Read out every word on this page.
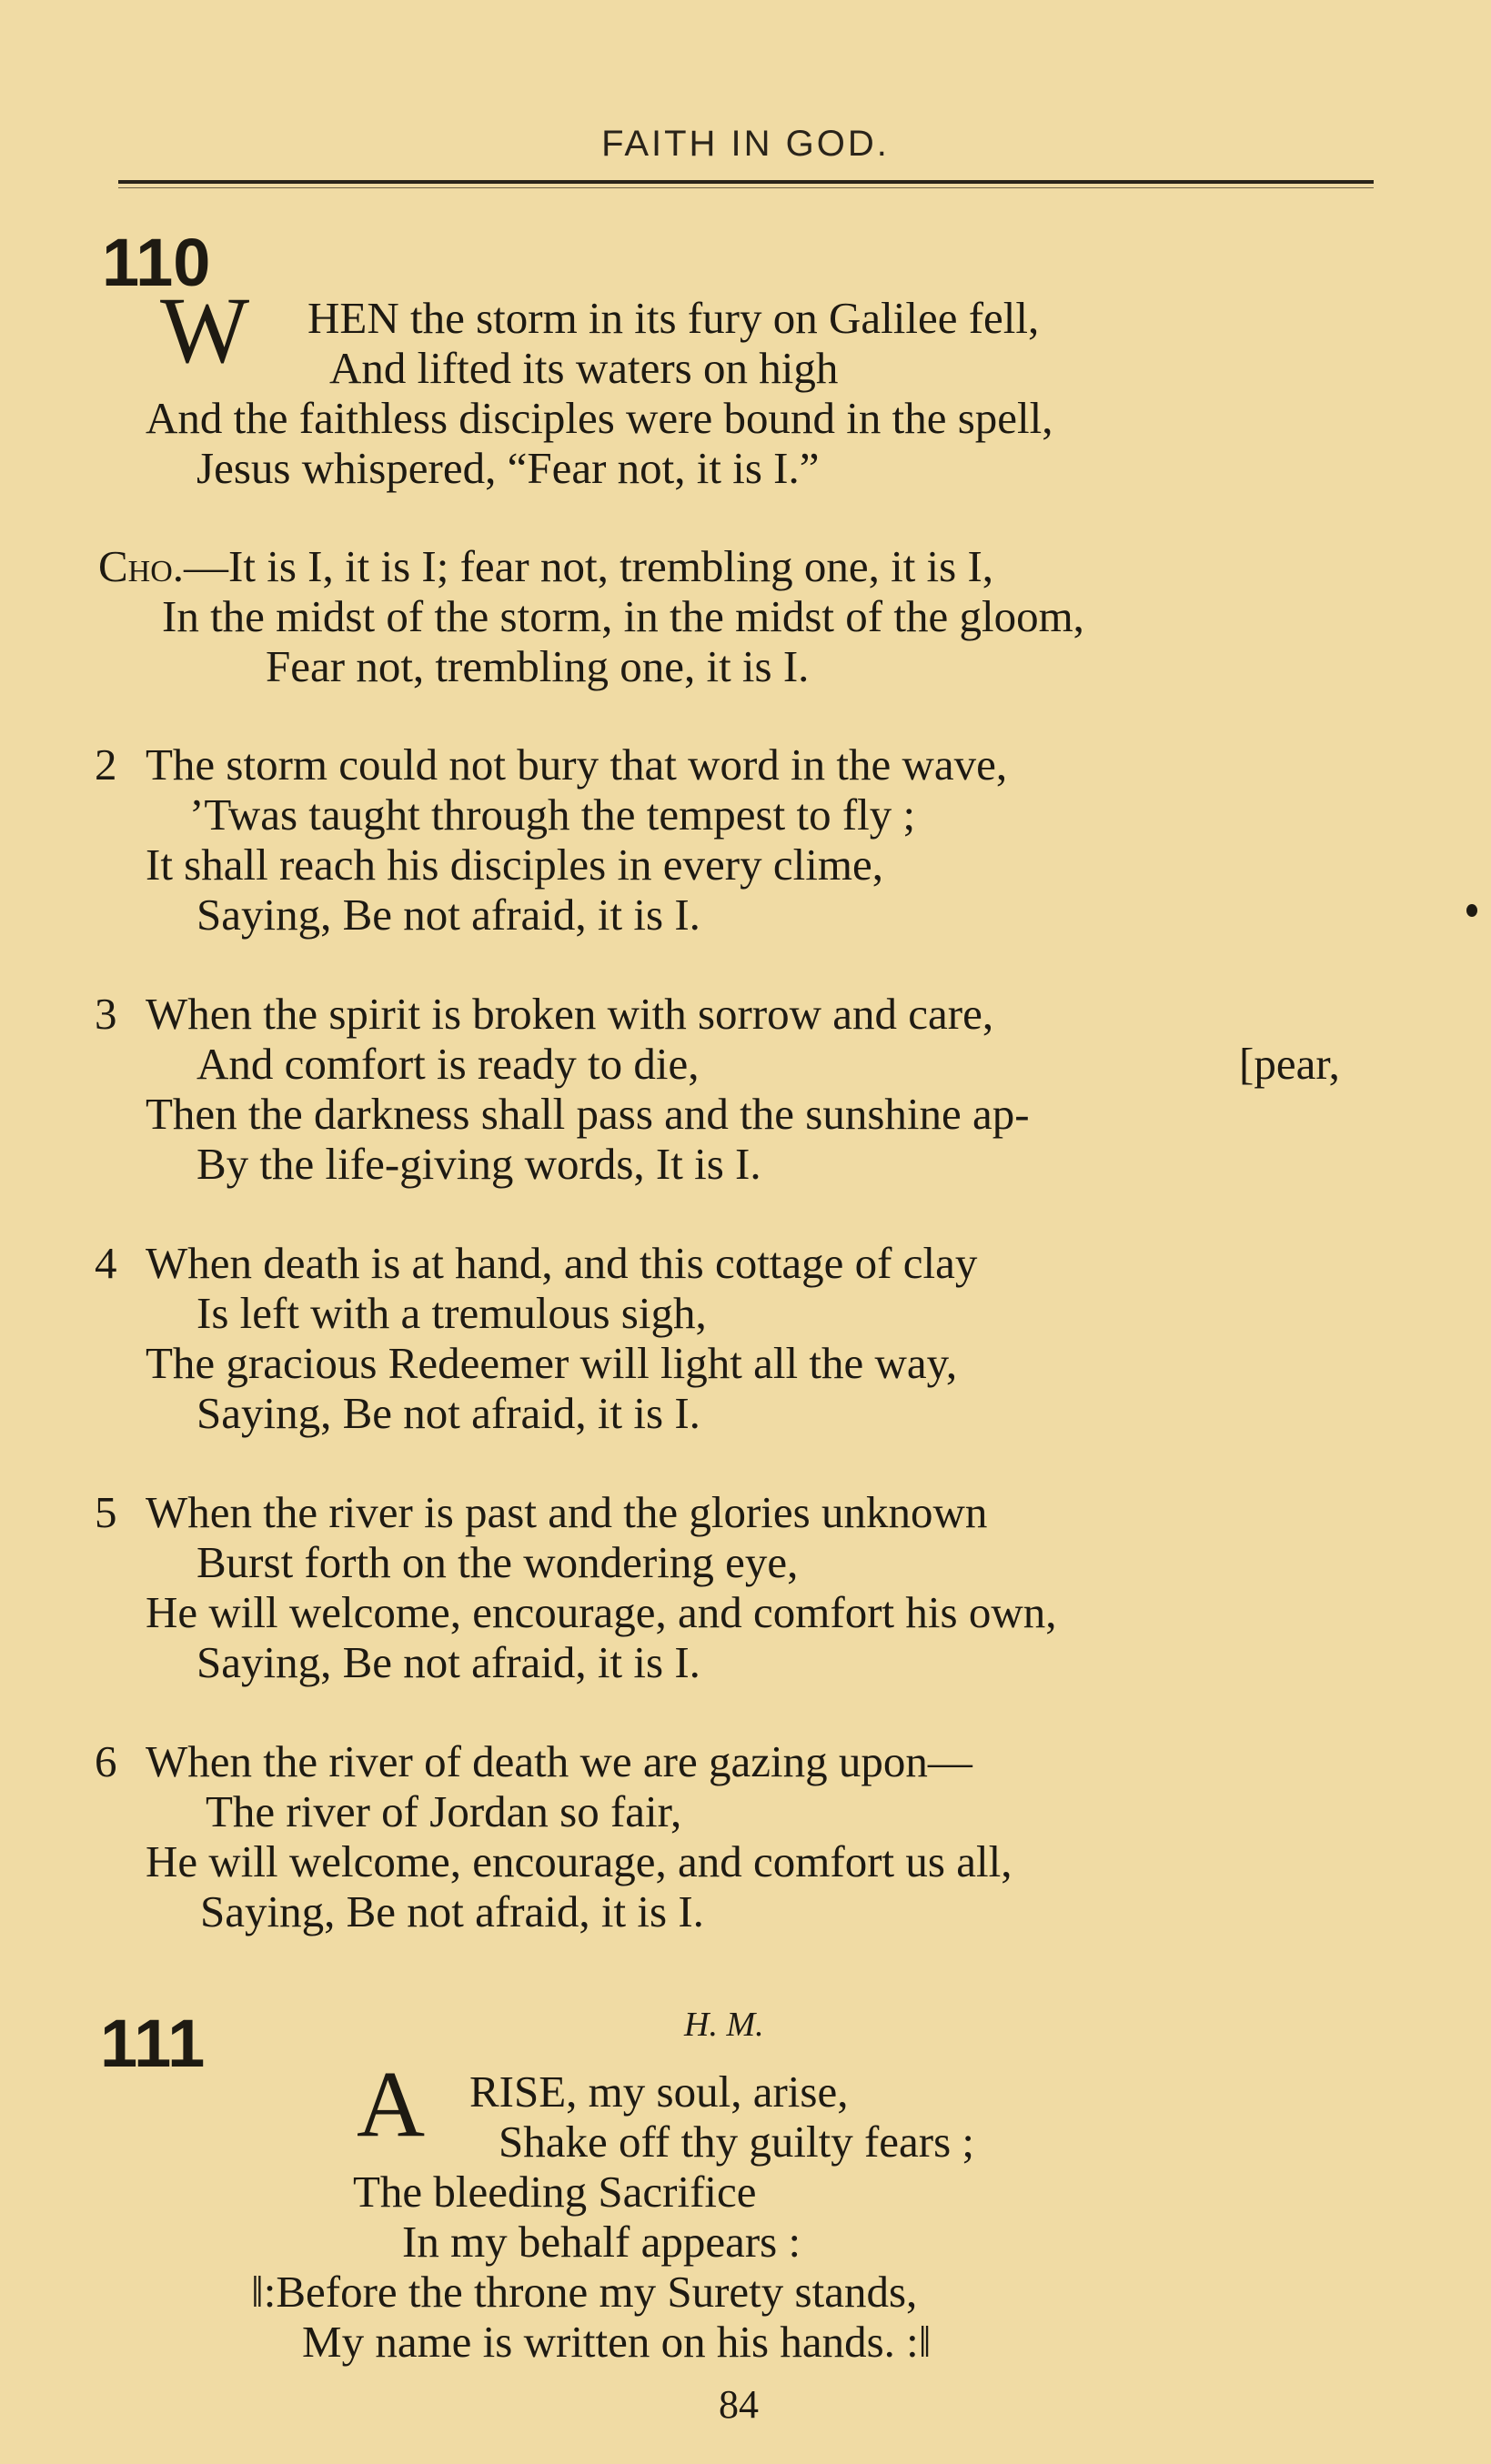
FAITH IN GOD.
110
W HEN the storm in its fury on Galilee fell,
And lifted its waters on high
And the faithless disciples were bound in the spell,
Jesus whispered, “Fear not, it is I.”
Cho.—It is I, it is I; fear not, trembling one, it is I,
In the midst of the storm, in the midst of the gloom,
Fear not, trembling one, it is I.
2 The storm could not bury that word in the wave,
’Twas taught through the tempest to fly ;
It shall reach his disciples in every clime,
Saying, Be not afraid, it is I.
3 When the spirit is broken with sorrow and care,
And comfort is ready to die,	[pear,
Then the darkness shall pass and the sunshine ap-
By the life-giving words, It is I.
4 When death is at hand, and this cottage of clay
Is left with a tremulous sigh,
The gracious Redeemer will light all the way,
Saying, Be not afraid, it is I.
5 When the river is past and the glories unknown
Burst forth on the wondering eye,
He will welcome, encourage, and comfort his own,
Saying, Be not afraid, it is I.
6 When the river of death we are gazing upon—
The river of Jordan so fair,
He will welcome, encourage, and comfort us all,
Saying, Be not afraid, it is I.
111	H. M.
A RISE, my soul, arise,
Shake off thy guilty fears ;
The bleeding Sacrifice
In my behalf appears :
‖:Before the throne my Surety stands,
My name is written on his hands. :‖
84
